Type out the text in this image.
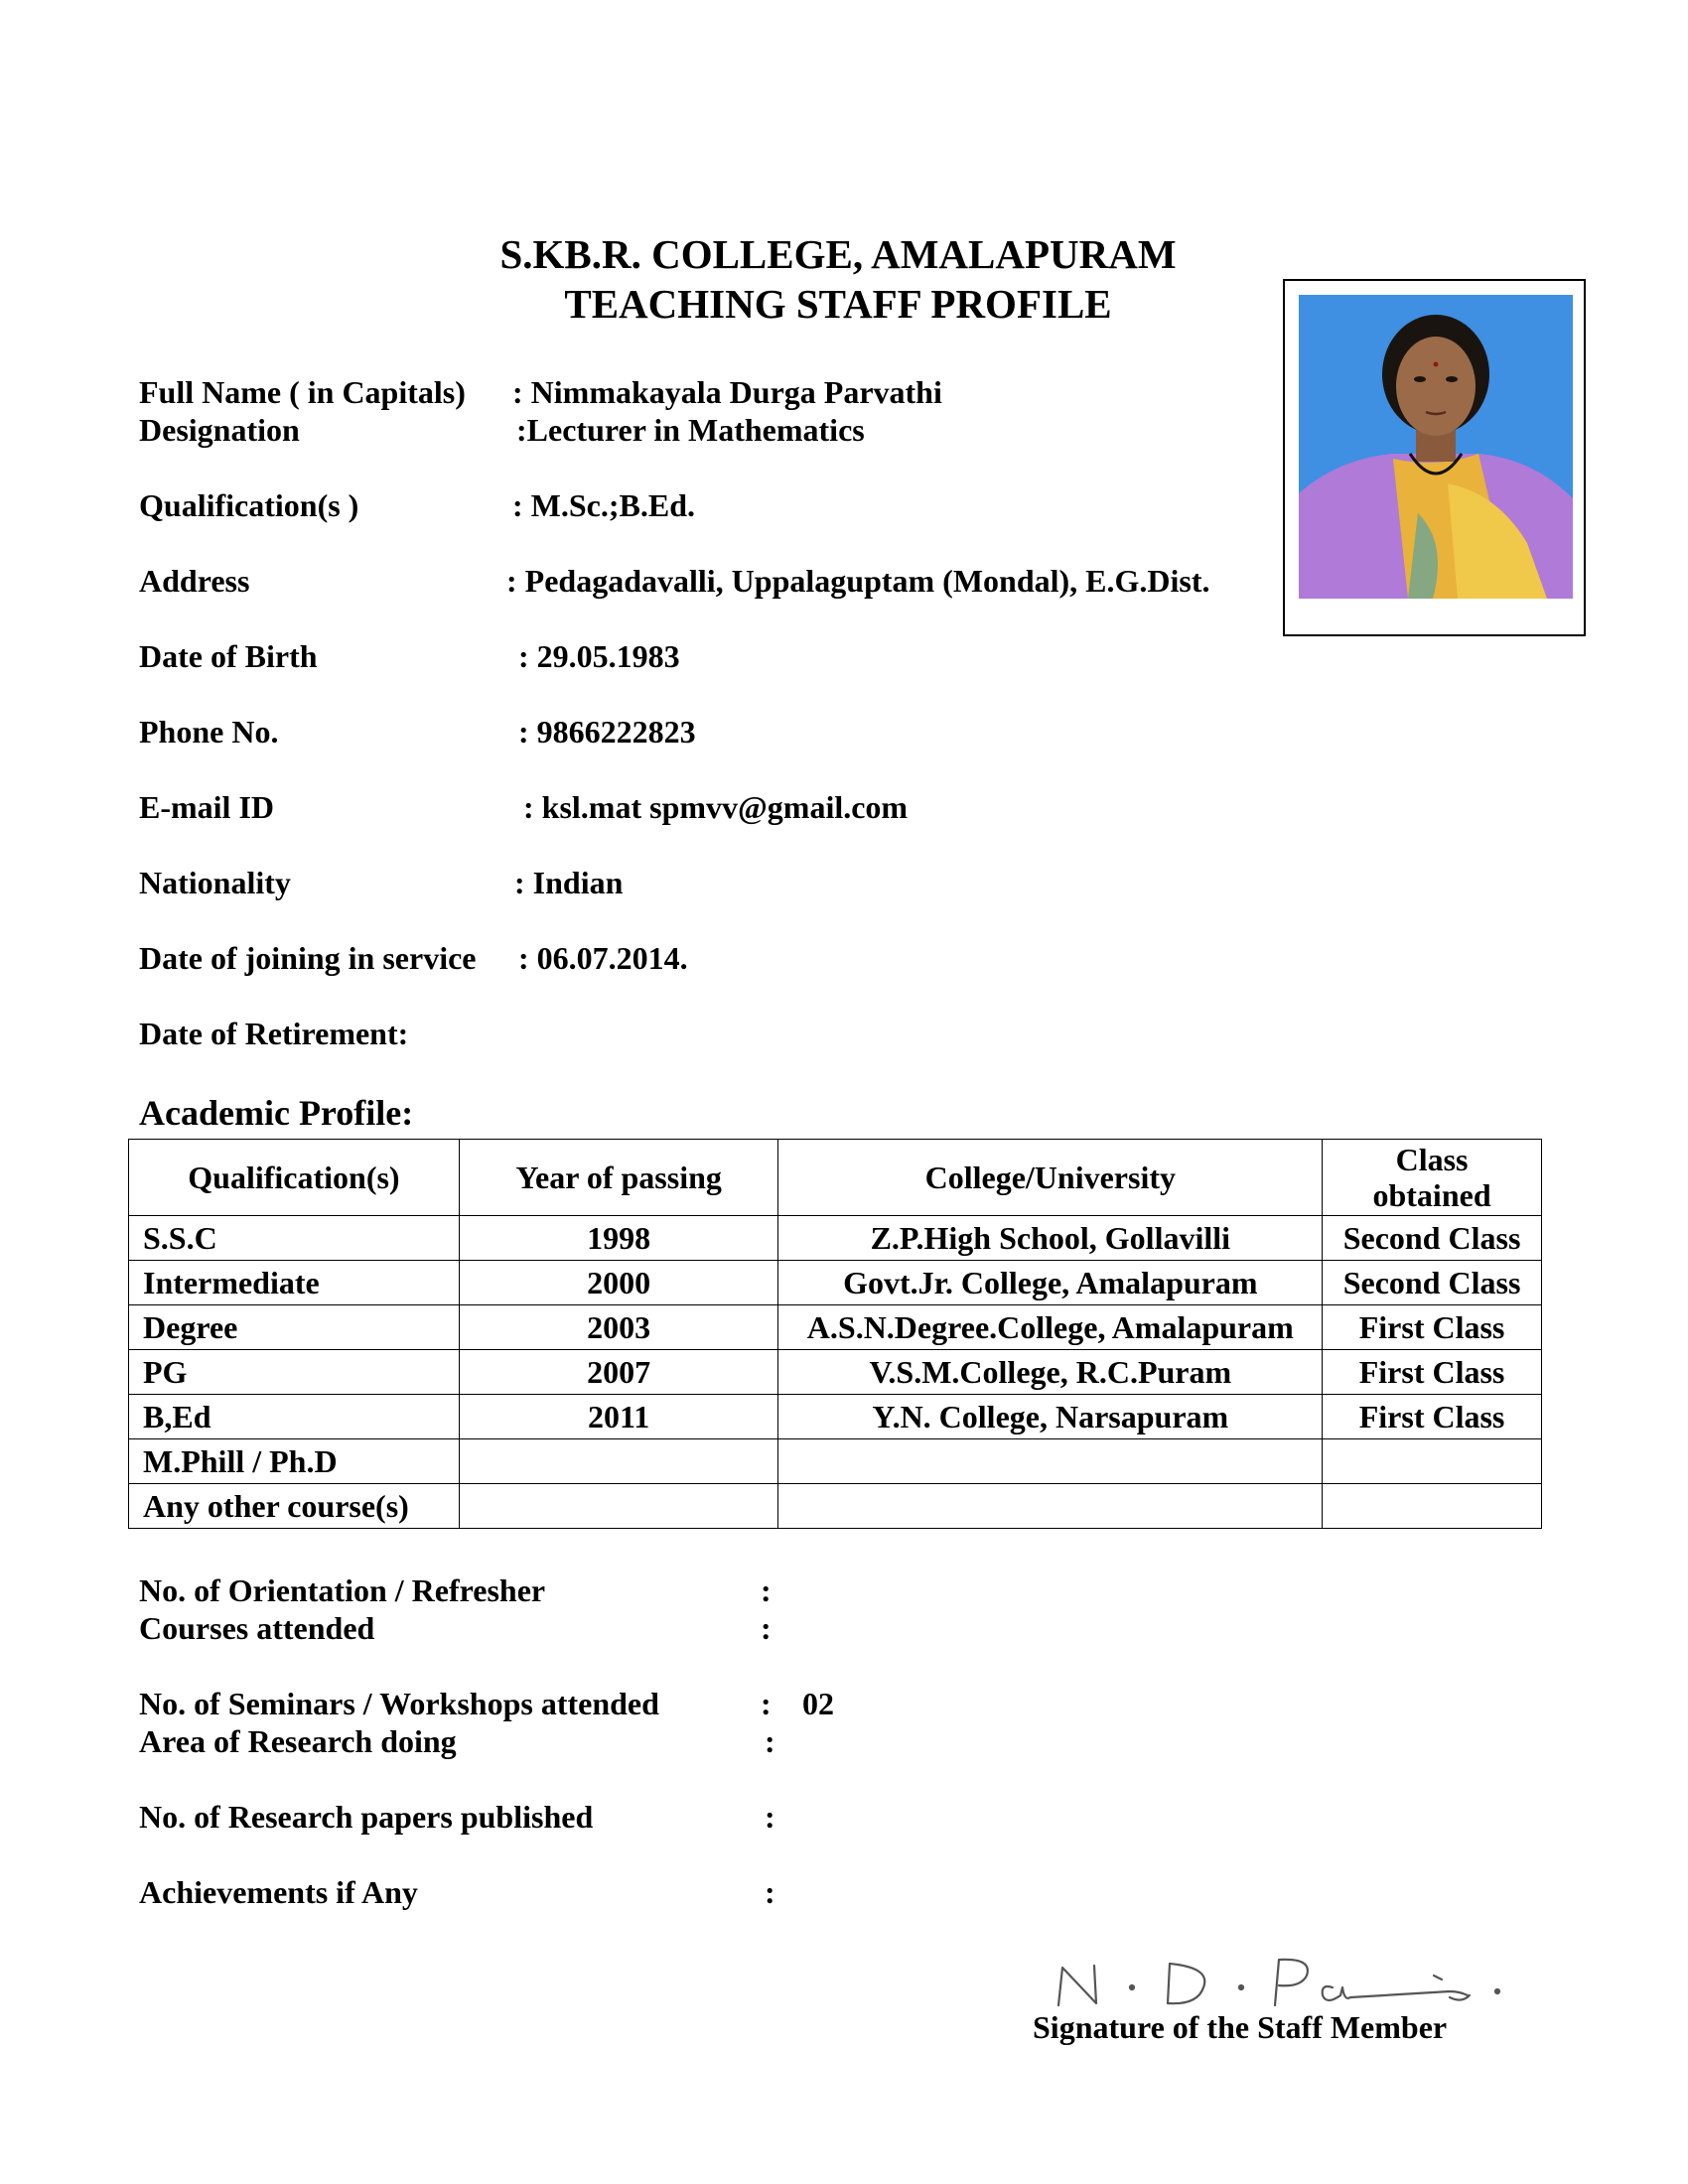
S.KB.R. COLLEGE, AMALAPURAM
TEACHING STAFF PROFILE
Full Name ( in Capitals) : Nimmakayala Durga Parvathi
Designation	:Lecturer in Mathematics
Qualification(s )	: M.Sc.;B.Ed.
Address	: Pedagadavalli, Uppalaguptam (Mondal), E.G.Dist.
Date of Birth	: 29.05.1983
Phone No.	: 9866222823
E-mail ID	: ksl.mat spmvv@gmail.com
Nationality	: Indian
Date of joining in service : 06.07.2014.
Date of Retirement:
Academic Profile:
Qualification(s)	Year of passing	College/University	Class obtained
S.S.C	1998	Z.P.High School, Gollavilli	Second Class
Intermediate	2000	Govt.Jr. College, Amalapuram	Second Class
Degree	2003	A.S.N.Degree.College, Amalapuram	First Class
PG	2007	V.S.M.College, R.C.Puram	First Class
B,Ed	2011	Y.N. College, Narsapuram	First Class
M.Phill / Ph.D			
Any other course(s)			
No. of Orientation / Refresher	:
Courses attended	:
No. of Seminars / Workshops attended	: 02
Area of Research doing	:
No. of Research papers published	:
Achievements if Any	:
Signature of the Staff Member
